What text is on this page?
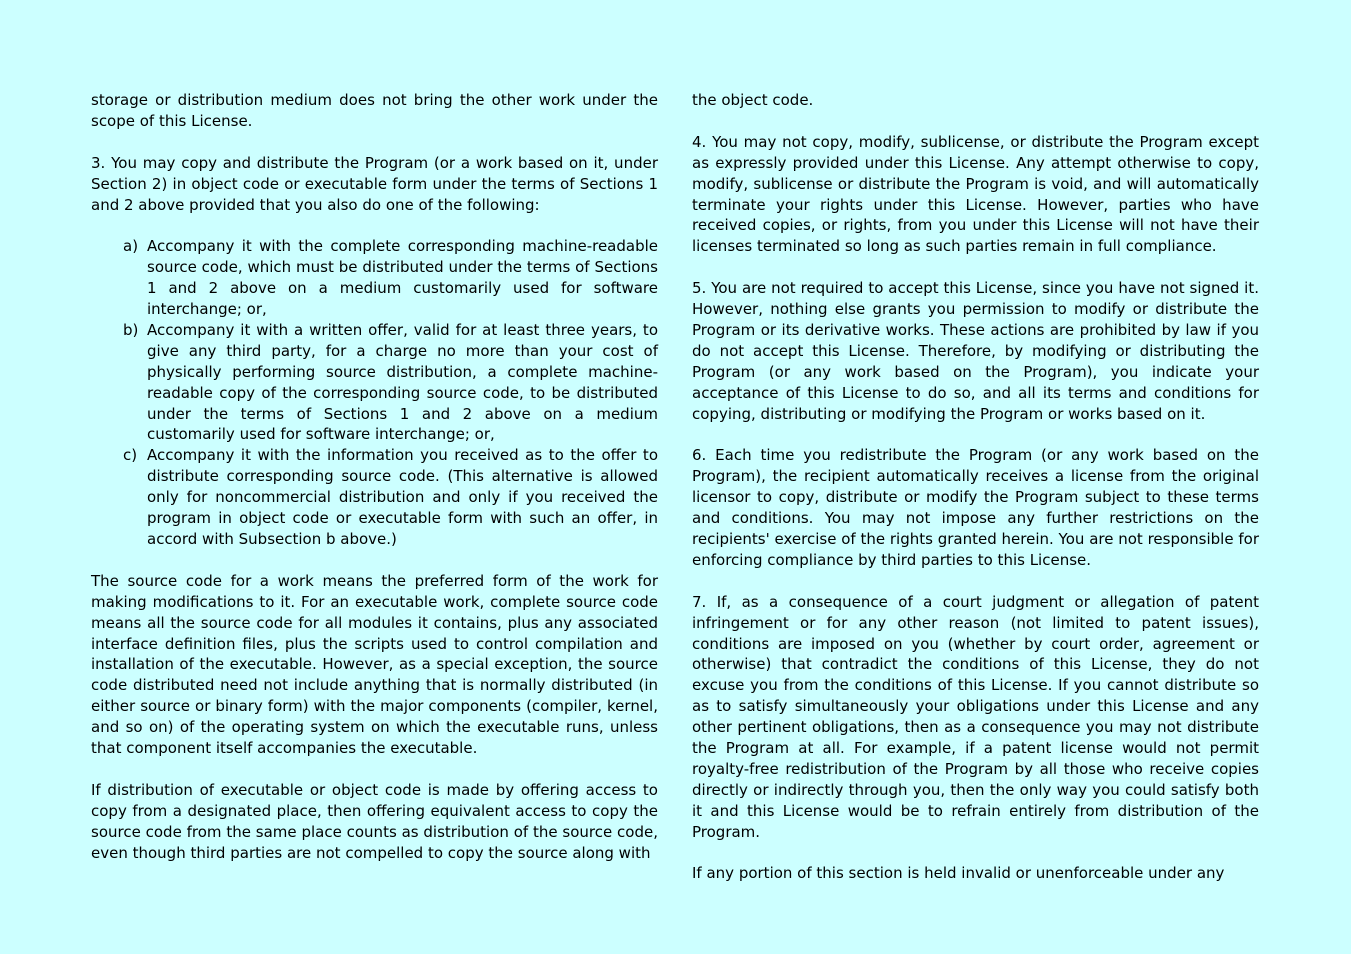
storage or distribution medium does not bring the other work under the scope of this License.

3. You may copy and distribute the Program (or a work based on it, under Section 2) in object code or executable form under the terms of Sections 1 and 2 above provided that you also do one of the following:

a) Accompany it with the complete corresponding machine-readable source code, which must be distributed under the terms of Sections 1 and 2 above on a medium customarily used for software interchange; or,
b) Accompany it with a written offer, valid for at least three years, to give any third party, for a charge no more than your cost of physically performing source distribution, a complete machine-readable copy of the corresponding source code, to be distributed under the terms of Sections 1 and 2 above on a medium customarily used for software interchange; or,
c) Accompany it with the information you received as to the offer to distribute corresponding source code. (This alternative is allowed only for noncommercial distribution and only if you received the program in object code or executable form with such an offer, in accord with Subsection b above.)

The source code for a work means the preferred form of the work for making modifications to it. For an executable work, complete source code means all the source code for all modules it contains, plus any associated interface definition files, plus the scripts used to control compilation and installation of the executable. However, as a special exception, the source code distributed need not include anything that is normally distributed (in either source or binary form) with the major components (compiler, kernel, and so on) of the operating system on which the executable runs, unless that component itself accompanies the executable.

If distribution of executable or object code is made by offering access to copy from a designated place, then offering equivalent access to copy the source code from the same place counts as distribution of the source code, even though third parties are not compelled to copy the source along with

the object code.

4. You may not copy, modify, sublicense, or distribute the Program except as expressly provided under this License. Any attempt otherwise to copy, modify, sublicense or distribute the Program is void, and will automatically terminate your rights under this License. However, parties who have received copies, or rights, from you under this License will not have their licenses terminated so long as such parties remain in full compliance.

5. You are not required to accept this License, since you have not signed it. However, nothing else grants you permission to modify or distribute the Program or its derivative works. These actions are prohibited by law if you do not accept this License. Therefore, by modifying or distributing the Program (or any work based on the Program), you indicate your acceptance of this License to do so, and all its terms and conditions for copying, distributing or modifying the Program or works based on it.

6. Each time you redistribute the Program (or any work based on the Program), the recipient automatically receives a license from the original licensor to copy, distribute or modify the Program subject to these terms and conditions. You may not impose any further restrictions on the recipients' exercise of the rights granted herein. You are not responsible for enforcing compliance by third parties to this License.

7. If, as a consequence of a court judgment or allegation of patent infringement or for any other reason (not limited to patent issues), conditions are imposed on you (whether by court order, agreement or otherwise) that contradict the conditions of this License, they do not excuse you from the conditions of this License. If you cannot distribute so as to satisfy simultaneously your obligations under this License and any other pertinent obligations, then as a consequence you may not distribute the Program at all. For example, if a patent license would not permit royalty-free redistribution of the Program by all those who receive copies directly or indirectly through you, then the only way you could satisfy both it and this License would be to refrain entirely from distribution of the Program.

If any portion of this section is held invalid or unenforceable under any
